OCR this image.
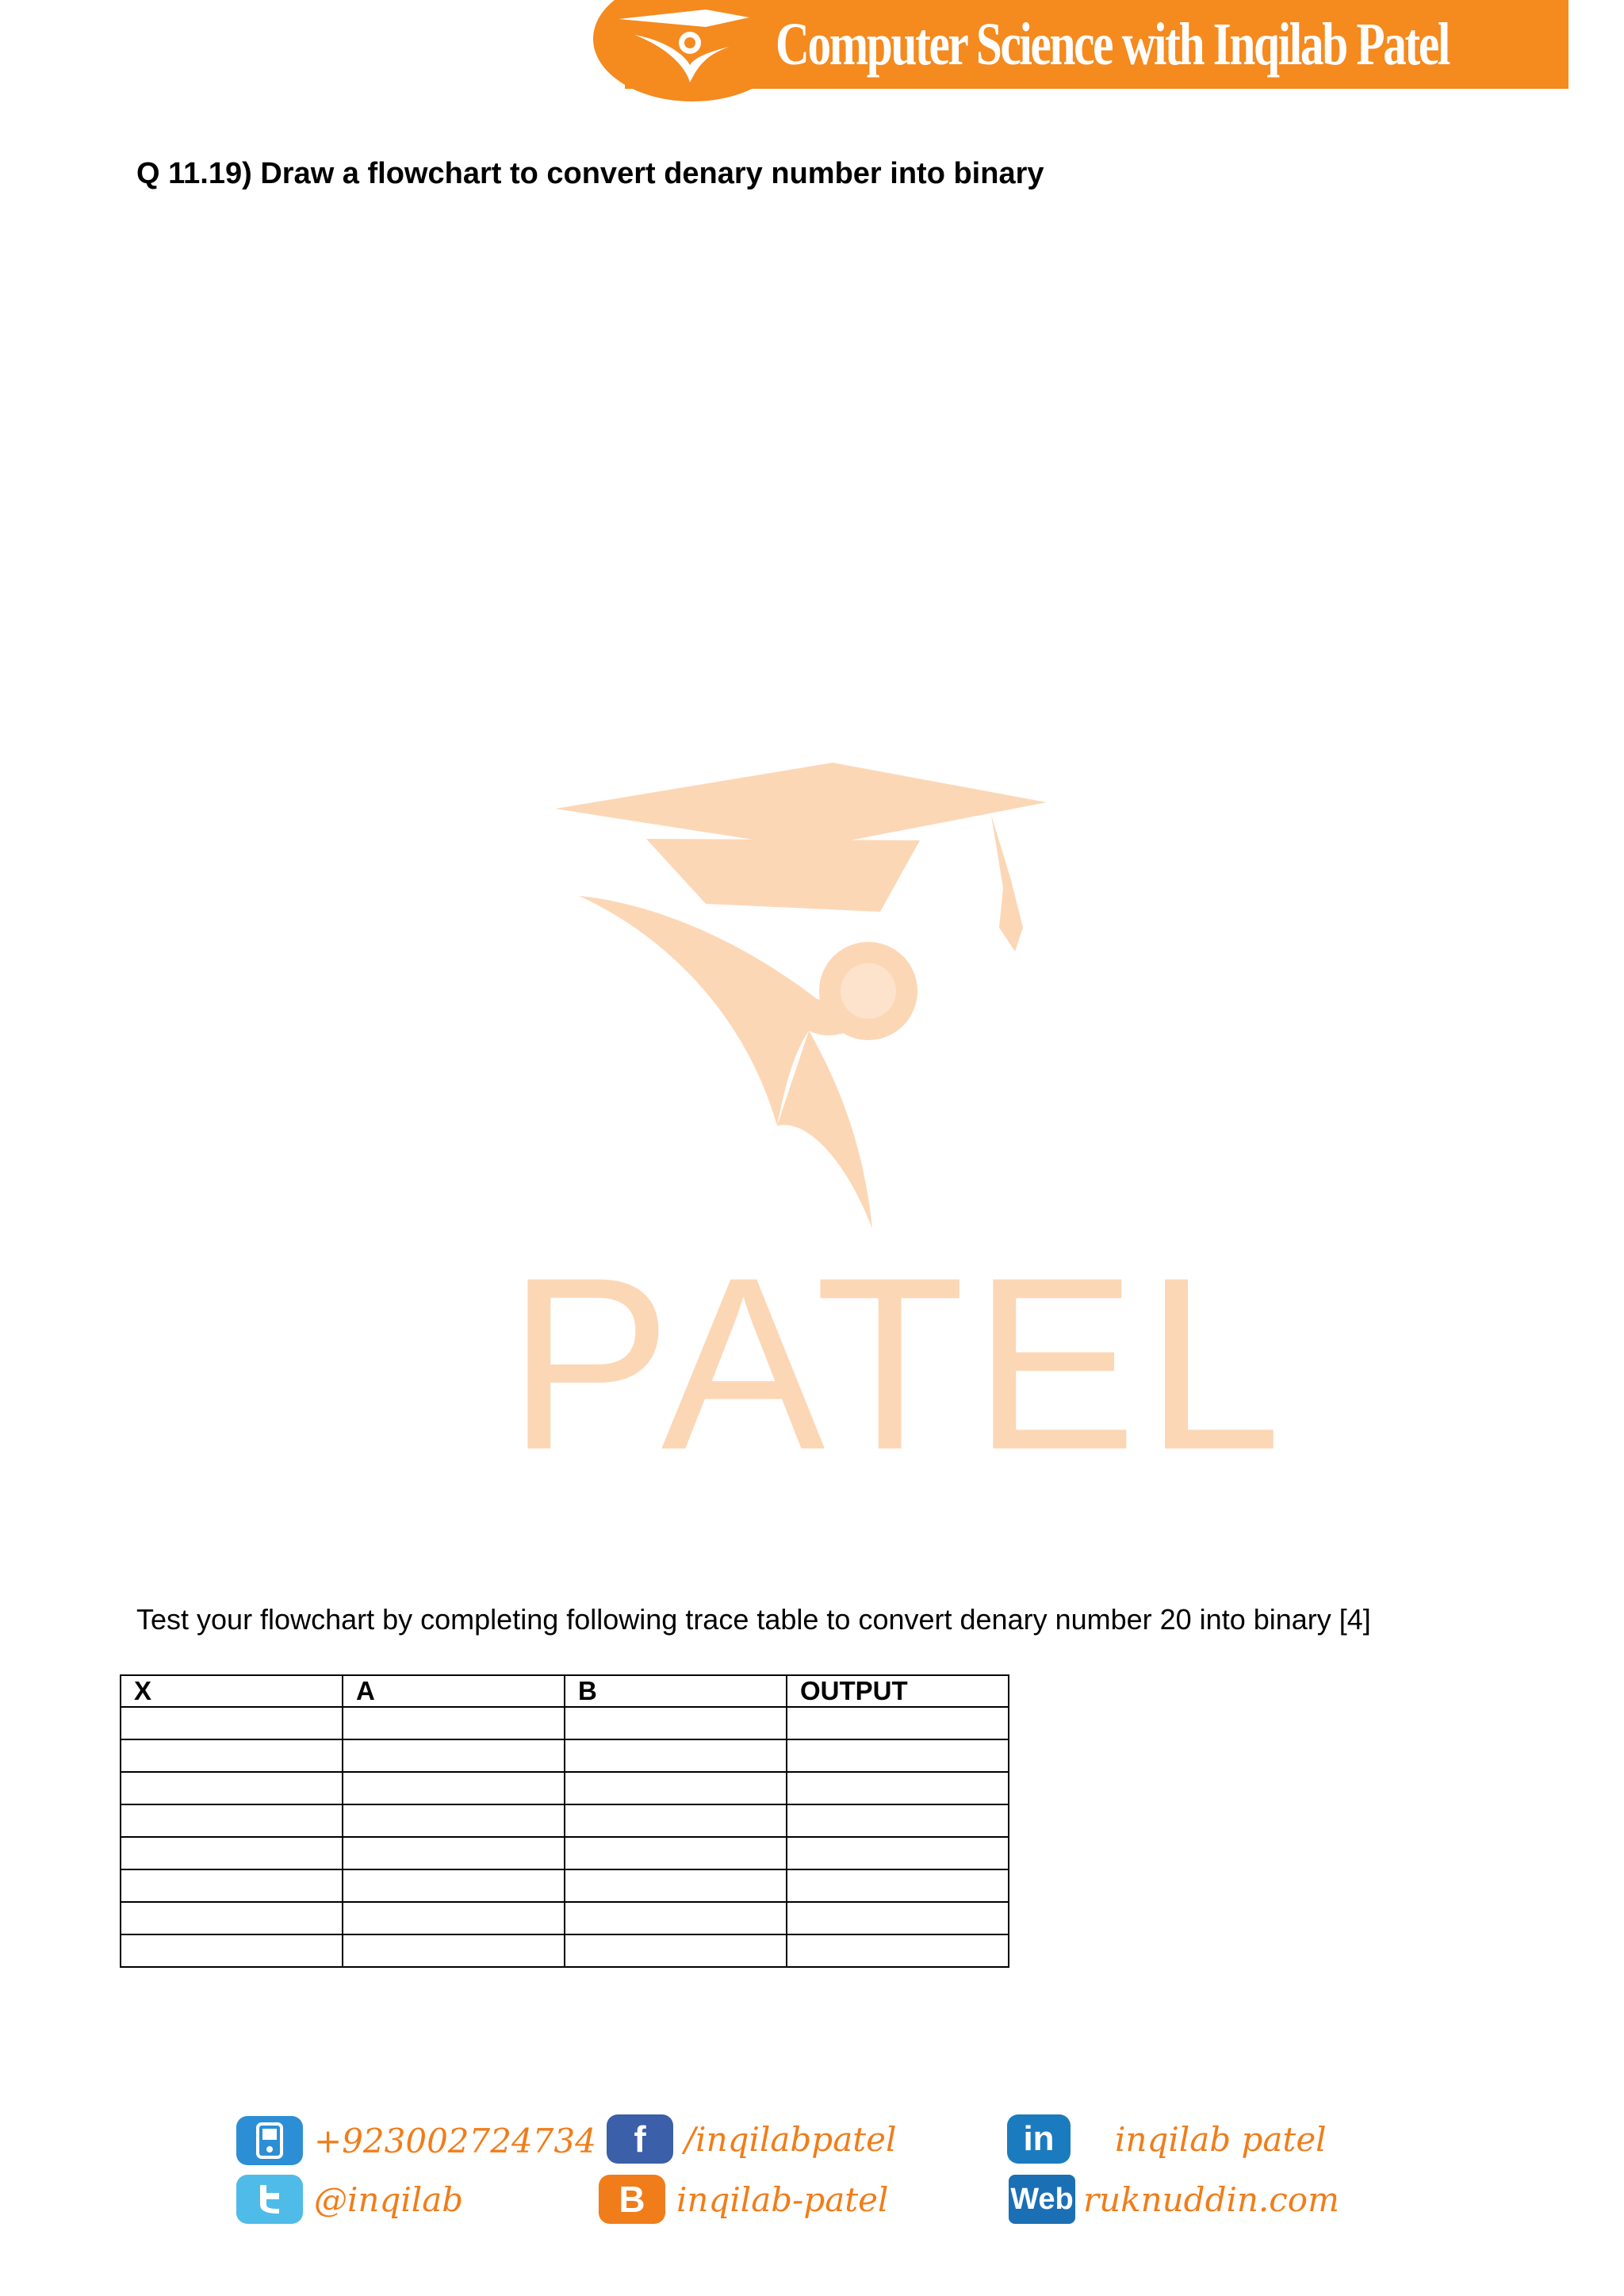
Computer Science with Inqilab Patel
Q 11.19) Draw a flowchart to convert denary number into binary
PATEL
Test your flowchart by completing following trace table to convert denary number 20 into binary [4]
X	A	B	OUTPUT

+923002724734
@inqilab
f /inqilabpatel
B inqilab-patel
in inqilab patel
Web ruknuddin.com
